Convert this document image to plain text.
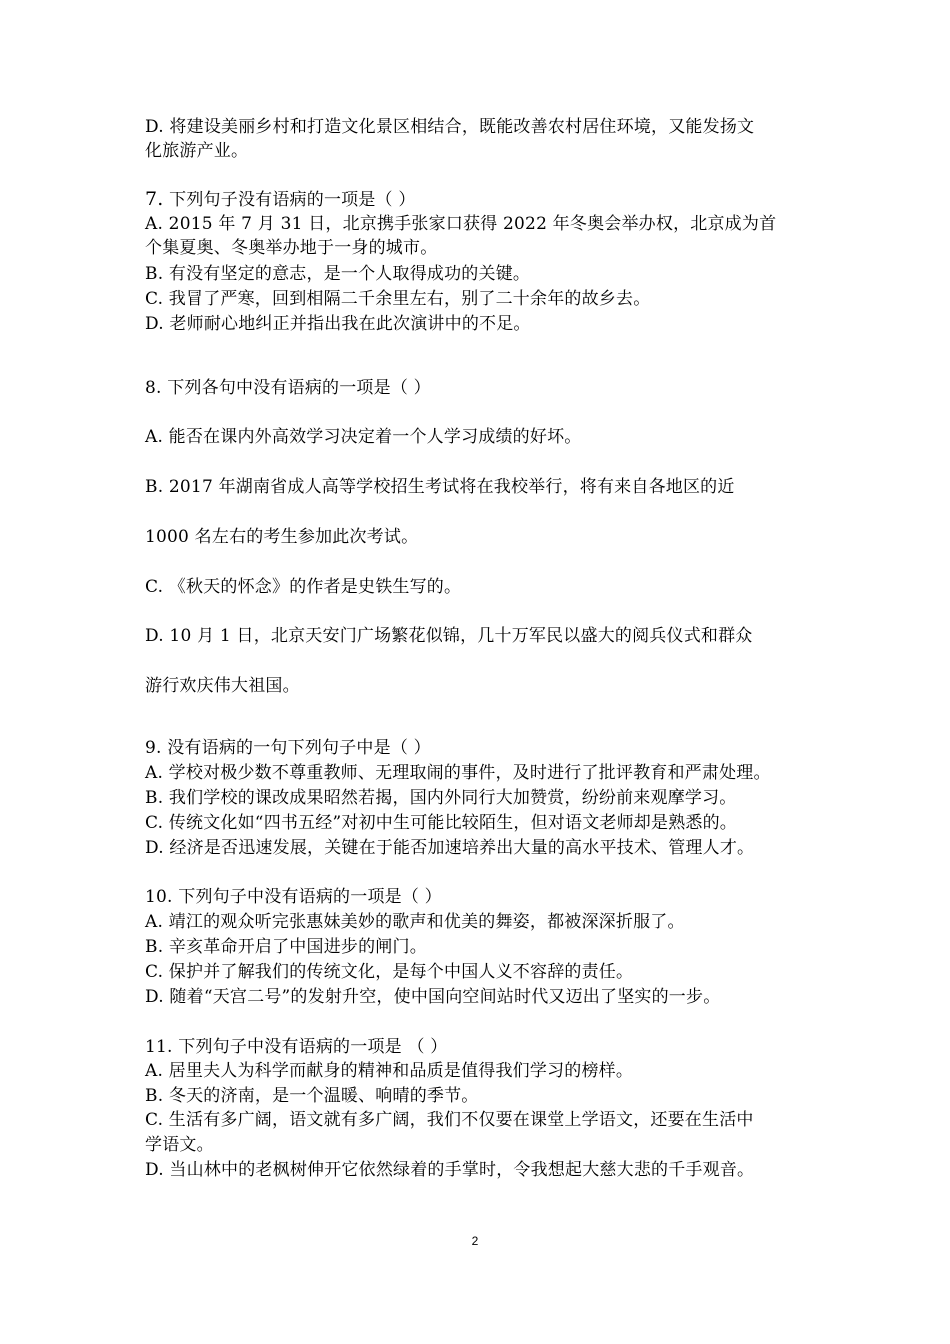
D. 将建设美丽乡村和打造文化景区相结合，既能改善农村居住环境，又能发扬文
化旅游产业。
7. 下列句子没有语病的一项是（ ）
A. 2015 年 7 月 31 日，北京携手张家口获得 2022 年冬奥会举办权，北京成为首
个集夏奥、冬奥举办地于一身的城市。
B. 有没有坚定的意志，是一个人取得成功的关键。
C. 我冒了严寒，回到相隔二千余里左右，别了二十余年的故乡去。
D. 老师耐心地纠正并指出我在此次演讲中的不足。
8. 下列各句中没有语病的一项是（ ）
A. 能否在课内外高效学习决定着一个人学习成绩的好坏。
B. 2017 年湖南省成人高等学校招生考试将在我校举行，将有来自各地区的近
1000 名左右的考生参加此次考试。
C. 《秋天的怀念》的作者是史铁生写的。
D. 10 月 1 日，北京天安门广场繁花似锦，几十万军民以盛大的阅兵仪式和群众
游行欢庆伟大祖国。
9. 没有语病的一句下列句子中是（ ）
A. 学校对极少数不尊重教师、无理取闹的事件，及时进行了批评教育和严肃处理。
B. 我们学校的课改成果昭然若揭，国内外同行大加赞赏，纷纷前来观摩学习。
C. 传统文化如“四书五经”对初中生可能比较陌生，但对语文老师却是熟悉的。
D. 经济是否迅速发展，关键在于能否加速培养出大量的高水平技术、管理人才。
10. 下列句子中没有语病的一项是（ ）
A. 靖江的观众听完张惠妹美妙的歌声和优美的舞姿，都被深深折服了。
B. 辛亥革命开启了中国进步的闸门。
C. 保护并了解我们的传统文化，是每个中国人义不容辞的责任。
D. 随着“天宫二号”的发射升空，使中国向空间站时代又迈出了坚实的一步。
11. 下列句子中没有语病的一项是 （ ）
A. 居里夫人为科学而献身的精神和品质是值得我们学习的榜样。
B. 冬天的济南，是一个温暖、响晴的季节。
C. 生活有多广阔，语文就有多广阔，我们不仅要在课堂上学语文，还要在生活中
学语文。
D. 当山林中的老枫树伸开它依然绿着的手掌时，令我想起大慈大悲的千手观音。
2
